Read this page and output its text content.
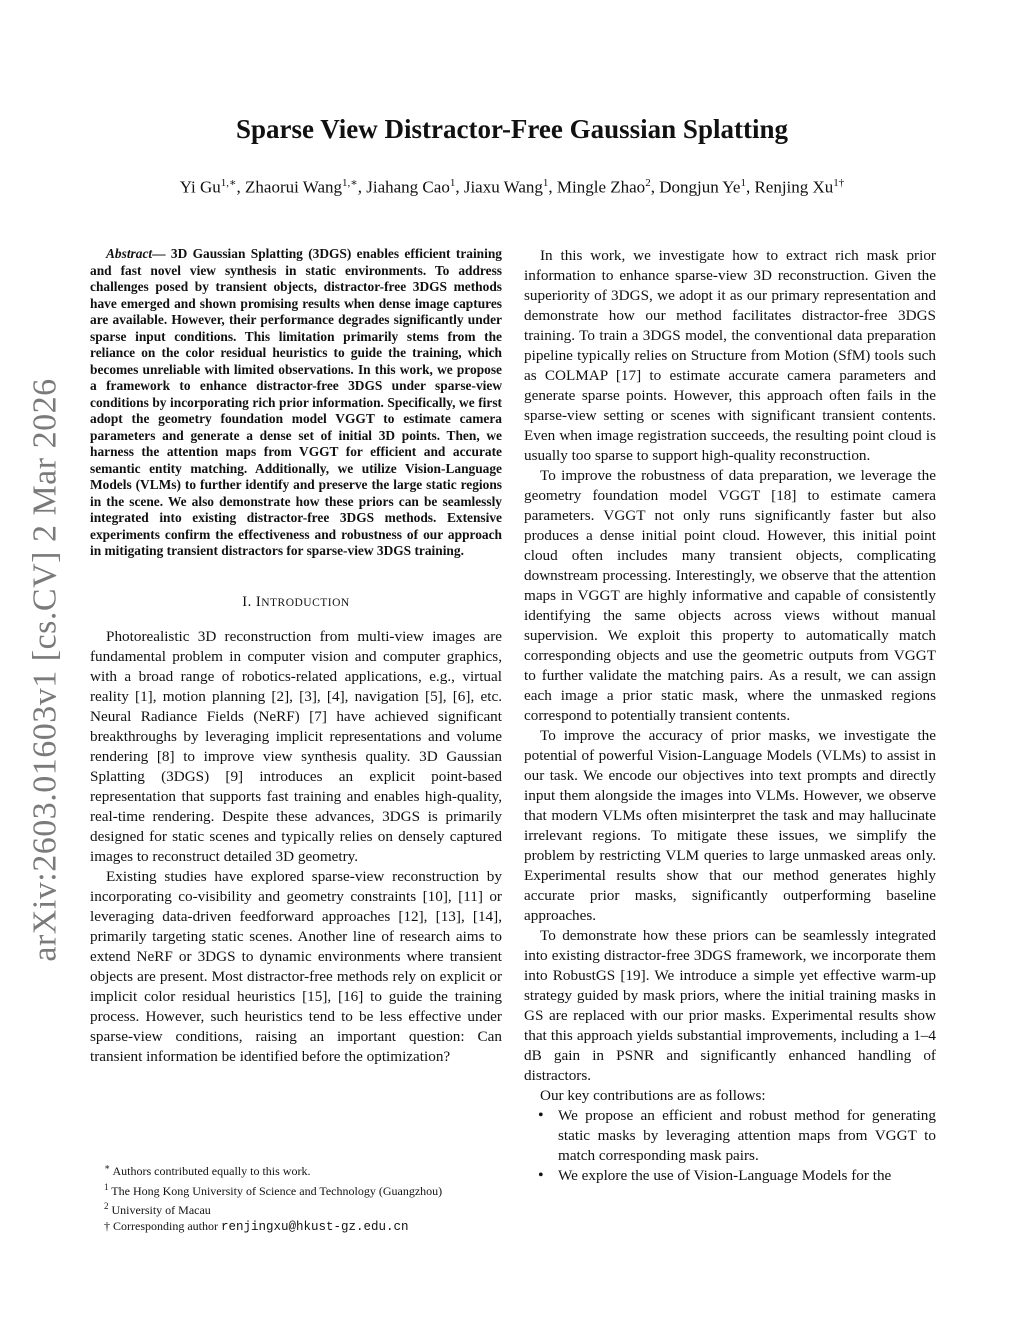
arXiv:2603.01603v1 [cs.CV] 2 Mar 2026
Sparse View Distractor-Free Gaussian Splatting
Yi $Gu^{1,∗}$, Zhaorui Wang$^{1,∗}$, Jiahang Cao$^1$, Jiaxu Wang$^1$, Mingle Zhao$^2$, Dongjun Ye$^1$, Renjing $Xu^{1\dagger}$

Abstract— 3D Gaussian Splatting (3DGS) enables efficient training and fast novel view synthesis in static environments. To address challenges posed by transient objects, distractor-free 3DGS methods have emerged and shown promising results when dense image captures are available. However, their performance degrades significantly under sparse input conditions. This limitation primarily stems from the reliance on the color residual heuristics to guide the training, which becomes unreliable with limited observations. In this work, we propose a framework to enhance distractor-free 3DGS under sparse-view conditions by incorporating rich prior information. Specifically, we first adopt the geometry foundation model VGGT to estimate camera parameters and generate a dense set of initial 3D points. Then, we harness the attention maps from VGGT for efficient and accurate semantic entity matching. Additionally, we utilize Vision-Language Models (VLMs) to further identify and preserve the large static regions in the scene. We also demonstrate how these priors can be seamlessly integrated into existing distractor-free 3DGS methods. Extensive experiments confirm the effectiveness and robustness of our approach in mitigating transient distractors for sparse-view 3DGS training.

I. INTRODUCTION

Photorealistic 3D reconstruction from multi-view images are fundamental problem in computer vision and computer graphics, with a broad range of robotics-related applications, e.g., virtual reality [1], motion planning [2], [3], [4], navigation [5], [6], etc. Neural Radiance Fields (NeRF) [7] have achieved significant breakthroughs by leveraging implicit representations and volume rendering [8] to improve view synthesis quality. 3D Gaussian Splatting (3DGS) [9] introduces an explicit point-based representation that supports fast training and enables high-quality, real-time rendering. Despite these advances, 3DGS is primarily designed for static scenes and typically relies on densely captured images to reconstruct detailed 3D geometry.

Existing studies have explored sparse-view reconstruction by incorporating co-visibility and geometry constraints [10], [11] or leveraging data-driven feedforward approaches [12], [13], [14], primarily targeting static scenes. Another line of research aims to extend NeRF or 3DGS to dynamic environments where transient objects are present. Most distractor-free methods rely on explicit or implicit color residual heuristics [15], [16] to guide the training process. However, such heuristics tend to be less effective under sparse-view conditions, raising an important question: Can transient information be identified before the optimization?

∗ Authors contributed equally to this work.
$^1$ The Hong Kong University of Science and Technology (Guangzhou)
$^2$ University of Macau
† Corresponding author renjingxu@hkust-gz.edu.cn

In this work, we investigate how to extract rich mask prior information to enhance sparse-view 3D reconstruction. Given the superiority of 3DGS, we adopt it as our primary representation and demonstrate how our method facilitates distractor-free 3DGS training. To train a 3DGS model, the conventional data preparation pipeline typically relies on Structure from Motion (SfM) tools such as COLMAP [17] to estimate accurate camera parameters and generate sparse points. However, this approach often fails in the sparse-view setting or scenes with significant transient contents. Even when image registration succeeds, the resulting point cloud is usually too sparse to support high-quality reconstruction.

To improve the robustness of data preparation, we leverage the geometry foundation model VGGT [18] to estimate camera parameters. VGGT not only runs significantly faster but also produces a dense initial point cloud. However, this initial point cloud often includes many transient objects, complicating downstream processing. Interestingly, we observe that the attention maps in VGGT are highly informative and capable of consistently identifying the same objects across views without manual supervision. We exploit this property to automatically match corresponding objects and use the geometric outputs from VGGT to further validate the matching pairs. As a result, we can assign each image a prior static mask, where the unmasked regions correspond to potentially transient contents.

To improve the accuracy of prior masks, we investigate the potential of powerful Vision-Language Models (VLMs) to assist in our task. We encode our objectives into text prompts and directly input them alongside the images into VLMs. However, we observe that modern VLMs often misinterpret the task and may hallucinate irrelevant regions. To mitigate these issues, we simplify the problem by restricting VLM queries to large unmasked areas only. Experimental results show that our method generates highly accurate prior masks, significantly outperforming baseline approaches.

To demonstrate how these priors can be seamlessly integrated into existing distractor-free 3DGS framework, we incorporate them into RobustGS [19]. We introduce a simple yet effective warm-up strategy guided by mask priors, where the initial training masks in GS are replaced with our prior masks. Experimental results show that this approach yields substantial improvements, including a 1–4 dB gain in PSNR and significantly enhanced handling of distractors.

Our key contributions are as follows:

• We propose an efficient and robust method for generating static masks by leveraging attention maps from VGGT to match corresponding mask pairs.
• We explore the use of Vision-Language Models for the
